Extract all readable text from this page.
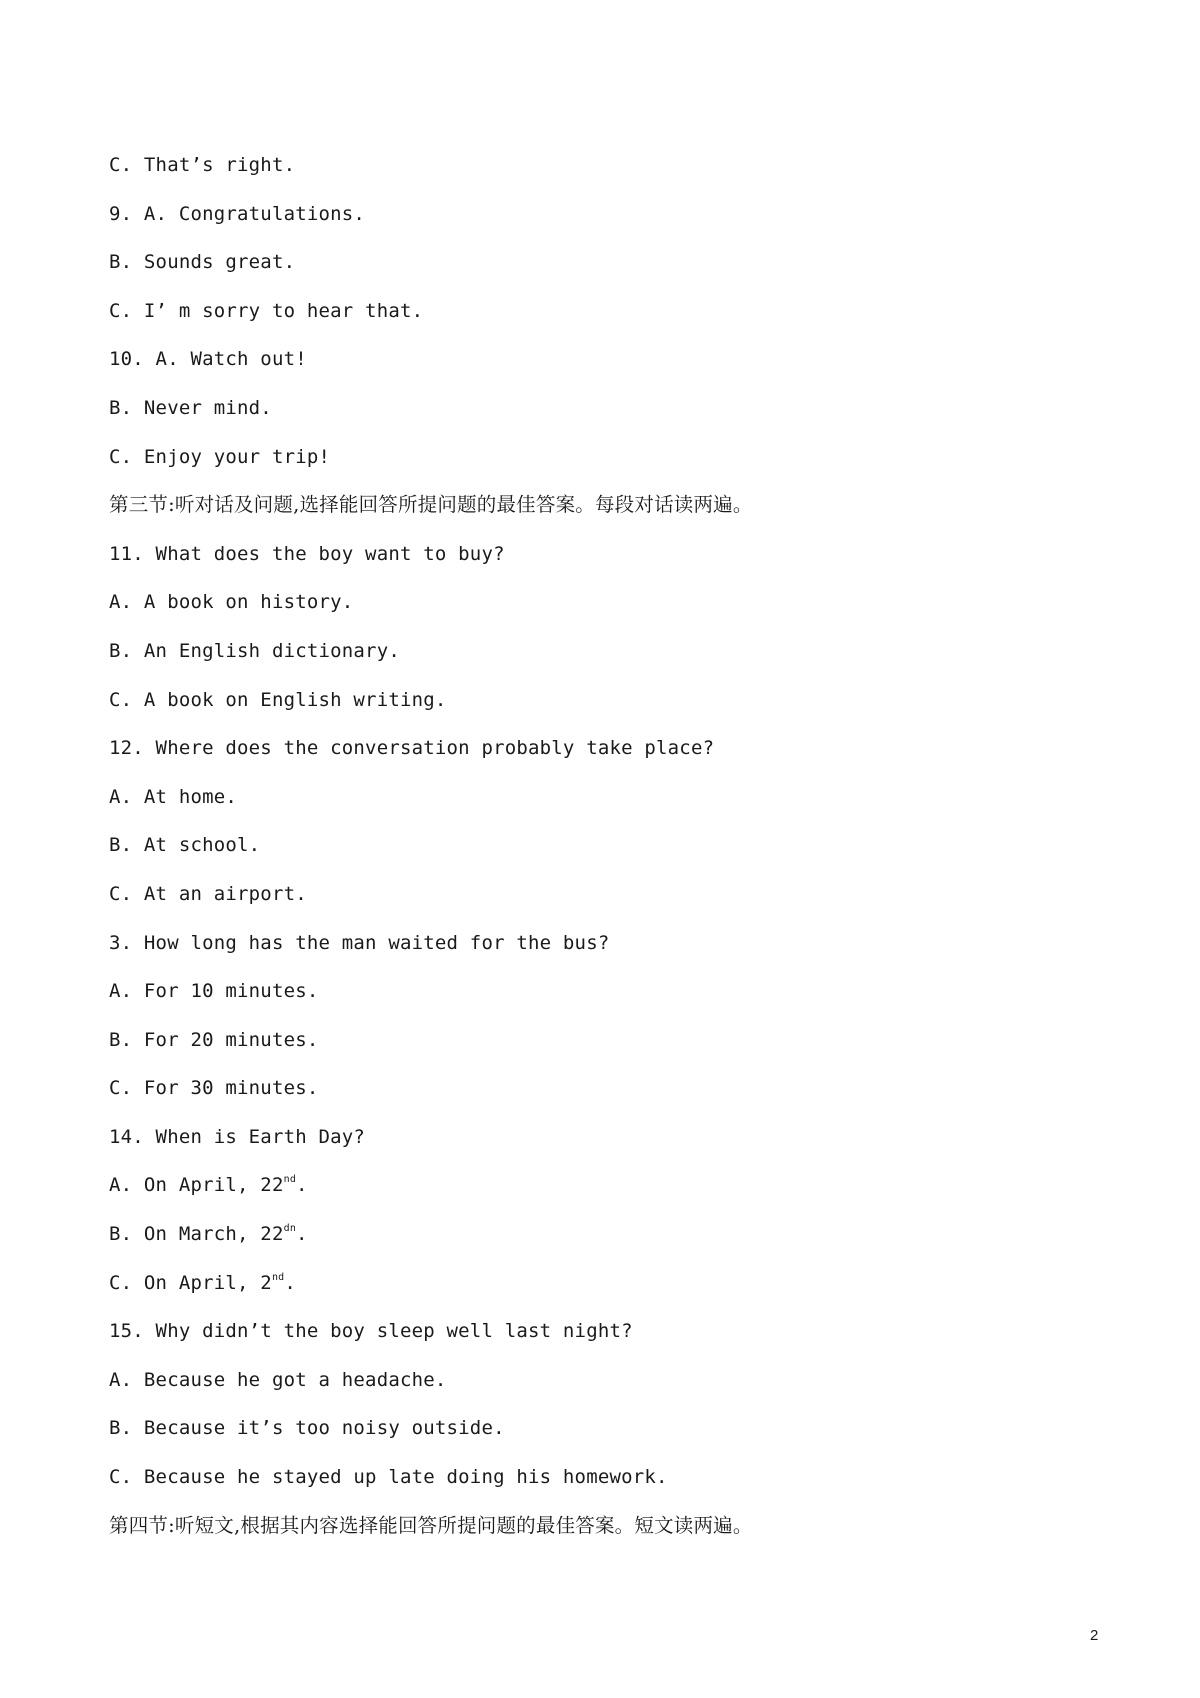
C. That’s right.
9. A. Congratulations.
B. Sounds great.
C. I’ m sorry to hear that.
10. A. Watch out!
B. Never mind.
C. Enjoy your trip!
第三节:听对话及问题,选择能回答所提问题的最佳答案。每段对话读两遍。
11. What does the boy want to buy?
A. A book on history.
B. An English dictionary.
C. A book on English writing.
12. Where does the conversation probably take place?
A. At home.
B. At school.
C. At an airport.
3. How long has the man waited for the bus?
A. For 10 minutes.
B. For 20 minutes.
C. For 30 minutes.
14. When is Earth Day?
A. On April, 22nd.
B. On March, $22^{dn}$.
C. On April, 2nd.
15. Why didn’t the boy sleep well last night?
A. Because he got a headache.
B. Because it’s too noisy outside.
C. Because he stayed up late doing his homework.
第四节:听短文,根据其内容选择能回答所提问题的最佳答案。短文读两遍。
2
